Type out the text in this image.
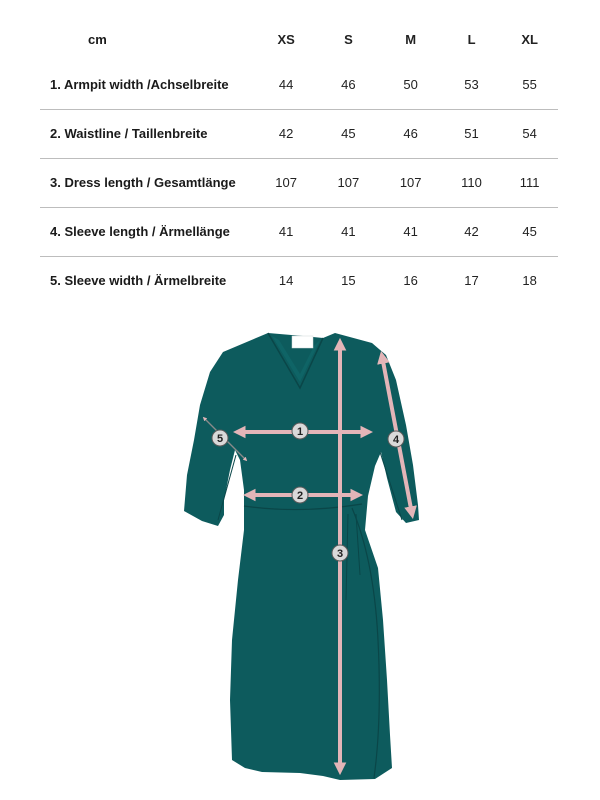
cm	XS	S	M	L	XL
1. Armpit width /Achselbreite	44	46	50	53	55
2. Waistline / Taillenbreite	42	45	46	51	54
3. Dress length / Gesamtlänge	107	107	107	110	111
4. Sleeve length / Ärmellänge	41	41	41	42	45
5. Sleeve width / Ärmelbreite	14	15	16	17	18
1
2
3
4
5
